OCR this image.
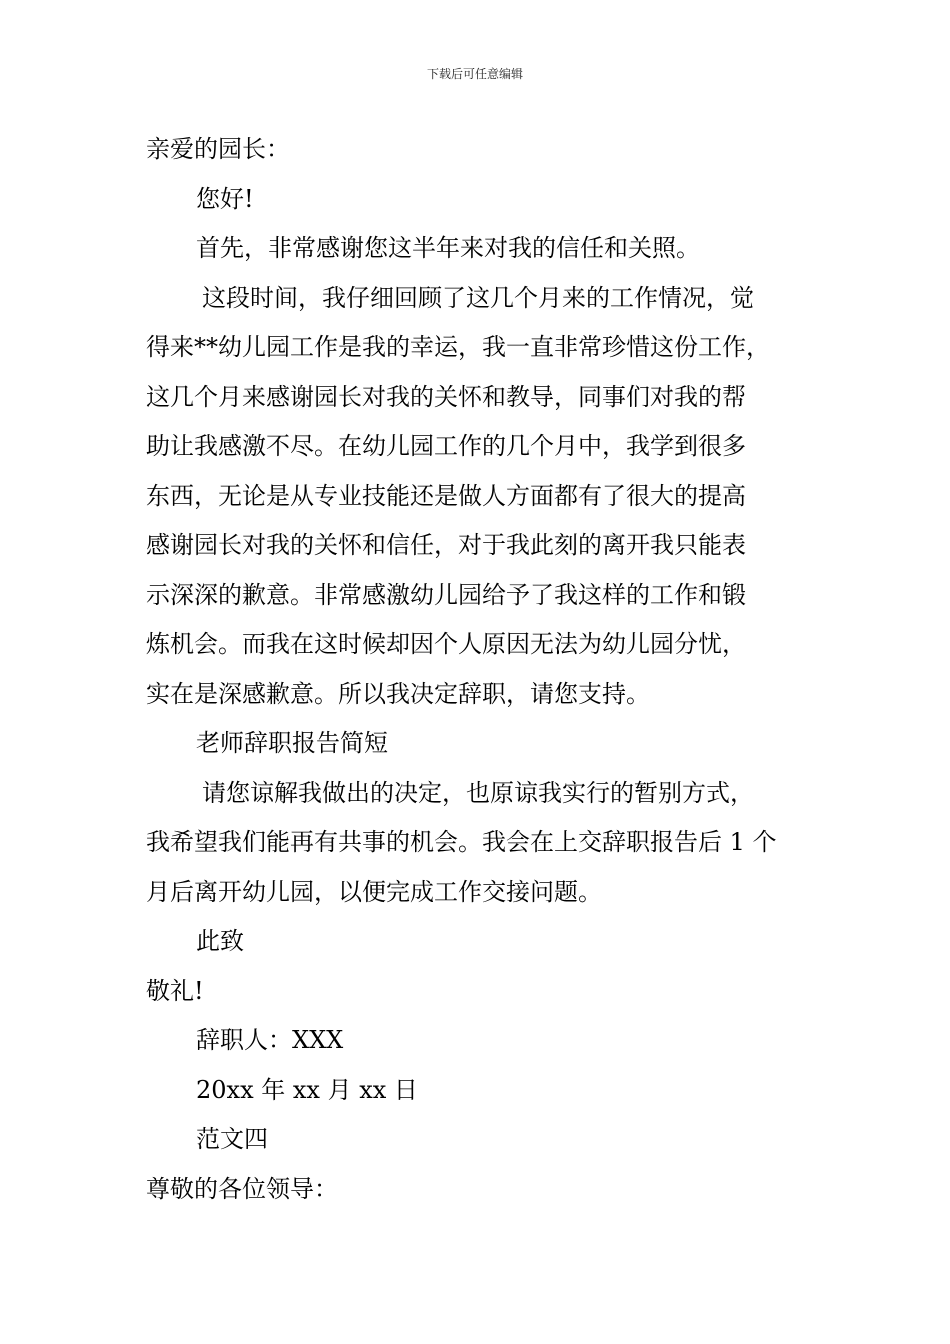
下载后可任意编辑
亲爱的园长：
您好!
首先，非常感谢您这半年来对我的信任和关照。
这段时间，我仔细回顾了这几个月来的工作情况，觉
得来**幼儿园工作是我的幸运，我一直非常珍惜这份工作，
这几个月来感谢园长对我的关怀和教导，同事们对我的帮
助让我感激不尽。在幼儿园工作的几个月中，我学到很多
东西，无论是从专业技能还是做人方面都有了很大的提高
感谢园长对我的关怀和信任，对于我此刻的离开我只能表
示深深的歉意。非常感激幼儿园给予了我这样的工作和锻
炼机会。而我在这时候却因个人原因无法为幼儿园分忧，
实在是深感歉意。所以我决定辞职，请您支持。
老师辞职报告简短
请您谅解我做出的决定，也原谅我实行的暂别方式，
我希望我们能再有共事的机会。我会在上交辞职报告后 1 个
月后离开幼儿园，以便完成工作交接问题。
此致
敬礼!
辞职人：XXX
20xx 年 xx 月 xx 日
范文四
尊敬的各位领导：
